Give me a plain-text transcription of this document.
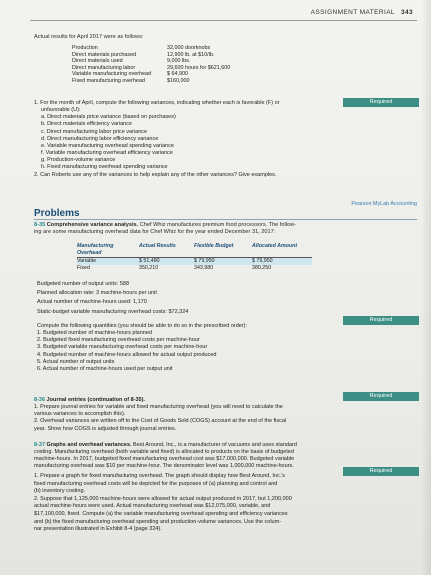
ASSIGNMENT MATERIAL 343
Actual results for April 2017 were as follows:
Production	32,000 doorknobs
Direct materials purchased	12,900 lb. at $10/lb.
Direct materials used	9,000 lbs.
Direct manufacturing labor	29,600 hours for $621,600
Variable manufacturing overhead	$ 64,900
Fixed manufacturing overhead	$160,000
Required
1. For the month of April, compute the following variances, indicating whether each is favorable (F) or
unfavorable (U):
a. Direct materials price variance (based on purchases)
b. Direct materials efficiency variance
c. Direct manufacturing labor price variance
d. Direct manufacturing labor efficiency variance
e. Variable manufacturing overhead spending variance
f. Variable manufacturing overhead efficiency variance
g. Production-volume variance
h. Fixed manufacturing overhead spending variance
2. Can Roberts use any of the variances to help explain any of the other variances? Give examples.
Problems
Pearson MyLab Accounting
8-35 Comprehensive variance analysis. Chef Whiz manufactures premium food processors. The follow-
ing are some manufacturing overhead data for Chef Whiz for the year ended December 31, 2017:
Manufacturing Overhead
Actual Results	Flexible Budget	Allocated Amount
Variable	$ 51,480	$ 79,950	$ 79,950
Fixed	350,210	343,980	380,250
Budgeted number of output units: 588
Planned allocation rate: 3 machine-hours per unit
Actual number of machine-hours used: 1,170
Static-budget variable manufacturing overhead costs: $72,324
Required
Compute the following quantities (you should be able to do so in the prescribed order):
1. Budgeted number of machine-hours planned
2. Budgeted fixed manufacturing overhead costs per machine-hour
3. Budgeted variable manufacturing overhead costs per machine-hour
4. Budgeted number of machine-hours allowed for actual output produced
5. Actual number of output units
6. Actual number of machine-hours used per output unit
Required
8-36 Journal entries (continuation of 8-35).
1. Prepare journal entries for variable and fixed manufacturing overhead (you will need to calculate the
various variances to accomplish this).
2. Overhead variances are written off to the Cost of Goods Sold (COGS) account at the end of the fiscal
year. Show how COGS is adjusted through journal entries.
8-37 Graphs and overhead variances. Best Around, Inc., is a manufacturer of vacuums and uses standard
costing. Manufacturing overhead (both variable and fixed) is allocated to products on the basis of budgeted
machine-hours. In 2017, budgeted fixed manufacturing overhead cost was $17,000,000. Budgeted variable
manufacturing overhead was $10 per machine-hour. The denominator level was 1,000,000 machine-hours.
Required
1. Prepare a graph for fixed manufacturing overhead. The graph should display how Best Around, Inc.'s
fixed manufacturing overhead costs will be depicted for the purposes of (a) planning and control and
(b) inventory costing.
2. Suppose that 1,125,000 machine-hours were allowed for actual output produced in 2017, but 1,200,000
actual machine-hours were used. Actual manufacturing overhead was $12,075,000, variable, and
$17,100,000, fixed. Compute (a) the variable manufacturing overhead spending and efficiency variances
and (b) the fixed manufacturing overhead spending and production-volume variances. Use the colum-
nar presentation illustrated in Exhibit 8-4 (page 324).
